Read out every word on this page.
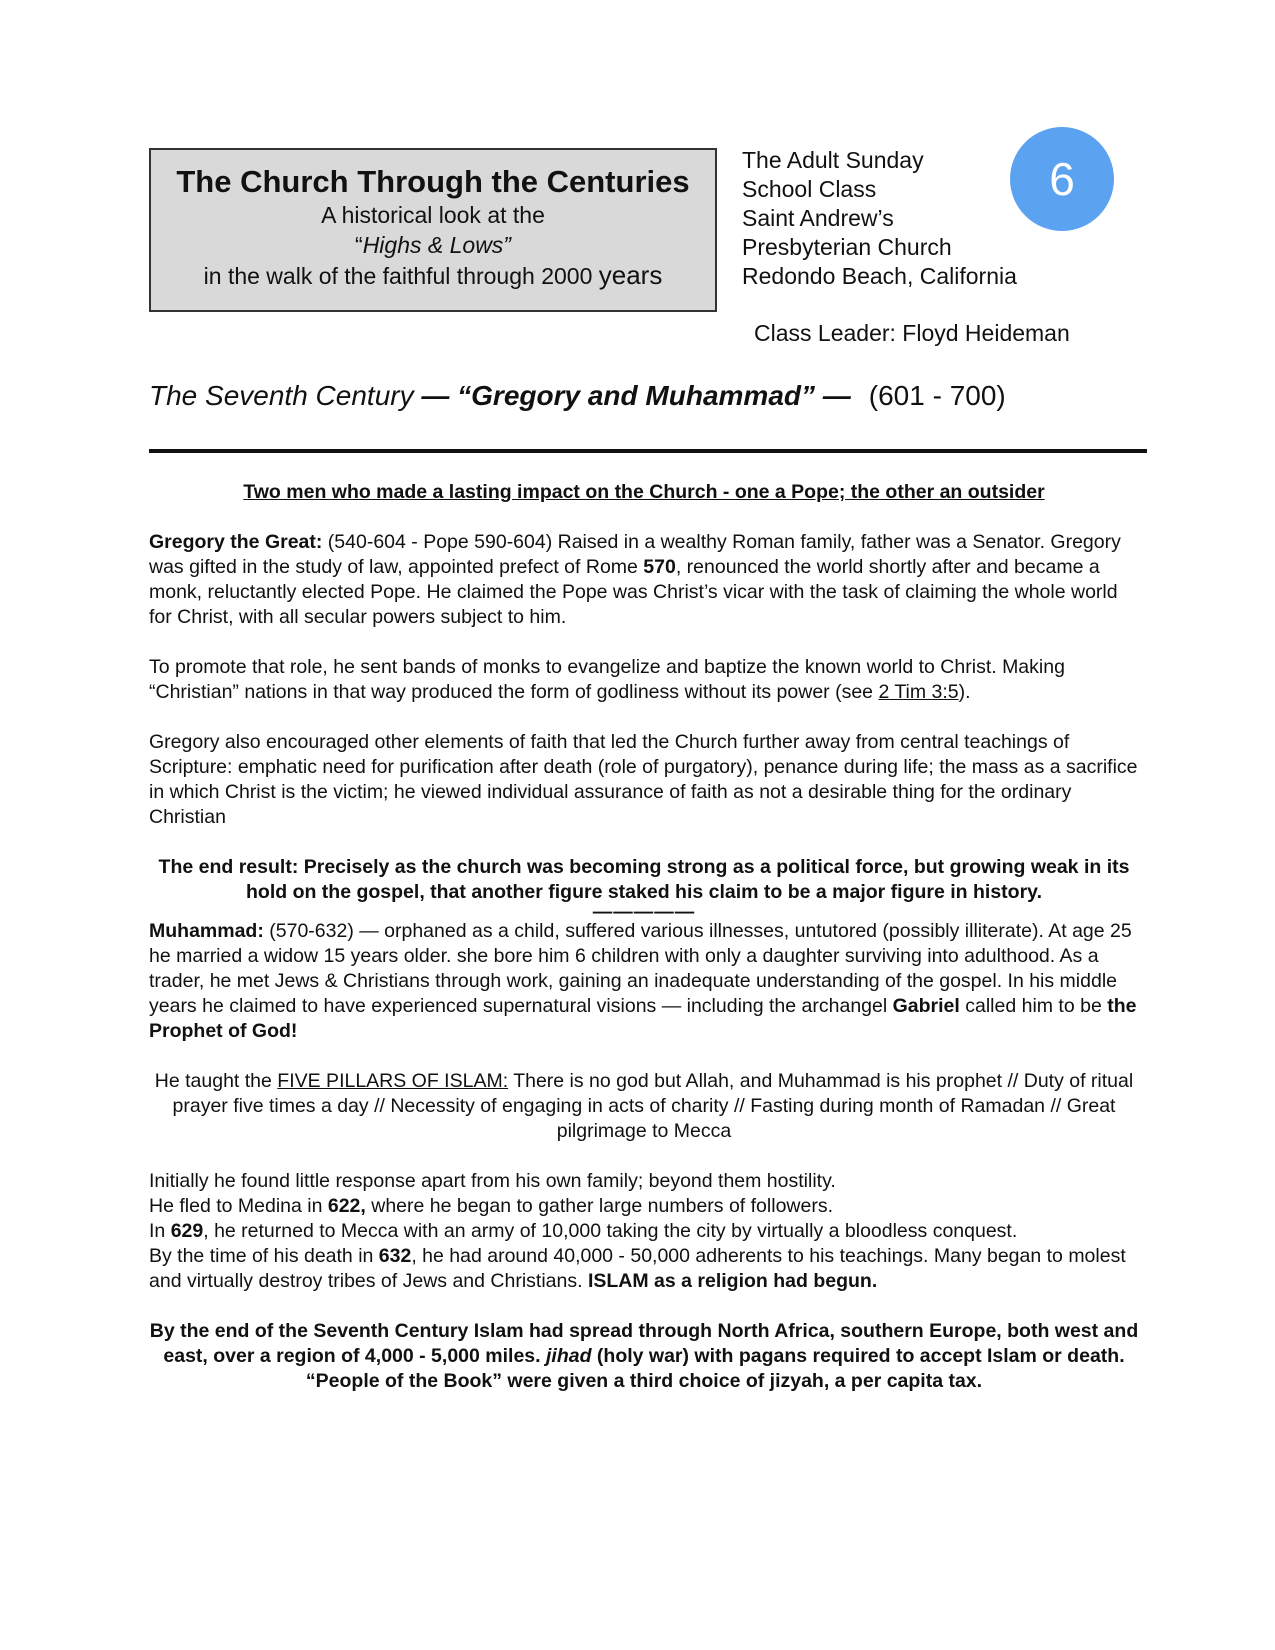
The Church Through the Centuries
A historical look at the
“Highs & Lows”
in the walk of the faithful through 2000 years
The Adult Sunday
School Class
Saint Andrew’s
Presbyterian Church
Redondo Beach, California
6
Class Leader: Floyd Heideman
The Seventh Century — “Gregory and Muhammad” — (601 - 700)

Two men who made a lasting impact on the Church - one a Pope; the other an outsider

Gregory the Great: (540-604 - Pope 590-604) Raised in a wealthy Roman family, father was a Senator. Gregory was gifted in the study of law, appointed prefect of Rome 570, renounced the world shortly after and became a monk, reluctantly elected Pope. He claimed the Pope was Christ’s vicar with the task of claiming the whole world for Christ, with all secular powers subject to him.

To promote that role, he sent bands of monks to evangelize and baptize the known world to Christ. Making “Christian” nations in that way produced the form of godliness without its power (see 2 Tim 3:5).

Gregory also encouraged other elements of faith that led the Church further away from central teachings of Scripture: emphatic need for purification after death (role of purgatory), penance during life; the mass as a sacrifice in which Christ is the victim; he viewed individual assurance of faith as not a desirable thing for the ordinary Christian

The end result: Precisely as the church was becoming strong as a political force, but growing weak in its hold on the gospel, that another figure staked his claim to be a major figure in history.

—————

Muhammad: (570-632) — orphaned as a child, suffered various illnesses, untutored (possibly illiterate). At age 25 he married a widow 15 years older. she bore him 6 children with only a daughter surviving into adulthood. As a trader, he met Jews & Christians through work, gaining an inadequate understanding of the gospel. In his middle years he claimed to have experienced supernatural visions — including the archangel Gabriel called him to be the Prophet of God!

He taught the FIVE PILLARS OF ISLAM: There is no god but Allah, and Muhammad is his prophet // Duty of ritual prayer five times a day // Necessity of engaging in acts of charity // Fasting during month of Ramadan // Great pilgrimage to Mecca

Initially he found little response apart from his own family; beyond them hostility.
He fled to Medina in 622, where he began to gather large numbers of followers.
In 629, he returned to Mecca with an army of 10,000 taking the city by virtually a bloodless conquest.
By the time of his death in 632, he had around 40,000 - 50,000 adherents to his teachings. Many began to molest and virtually destroy tribes of Jews and Christians. ISLAM as a religion had begun.

By the end of the Seventh Century Islam had spread through North Africa, southern Europe, both west and east, over a region of 4,000 - 5,000 miles. jihad (holy war) with pagans required to accept Islam or death. “People of the Book” were given a third choice of jizyah, a per capita tax.
